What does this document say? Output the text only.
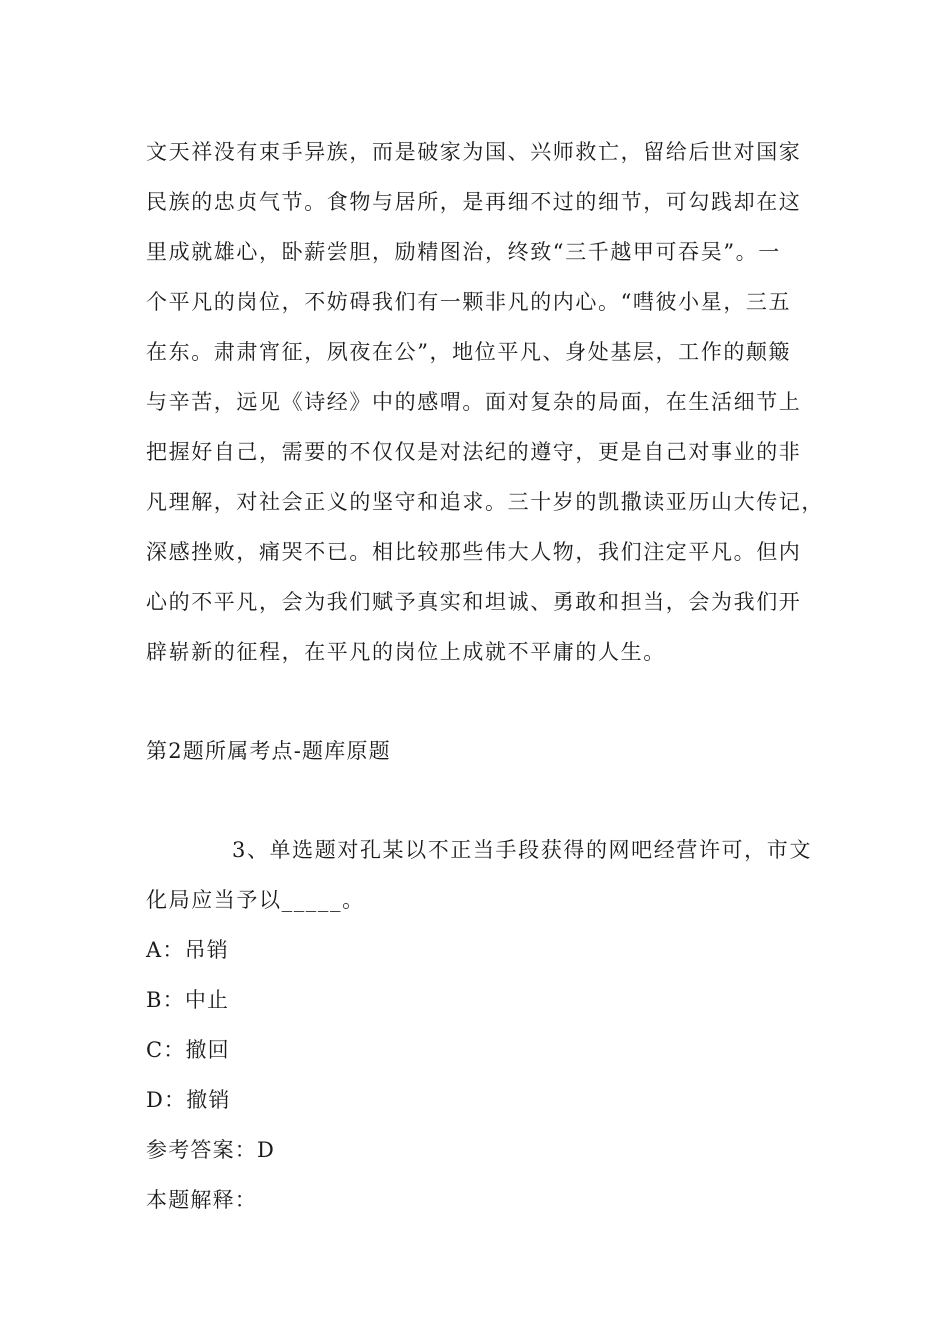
文天祥没有束手异族，而是破家为国、兴师救亡，留给后世对国家
民族的忠贞气节。食物与居所，是再细不过的细节，可勾践却在这
里成就雄心，卧薪尝胆，励精图治，终致“三千越甲可吞吴”。一
个平凡的岗位，不妨碍我们有一颗非凡的内心。“嘒彼小星，三五
在东。肃肃宵征，夙夜在公”，地位平凡、身处基层，工作的颠簸
与辛苦，远见《诗经》中的感喟。面对复杂的局面，在生活细节上
把握好自己，需要的不仅仅是对法纪的遵守，更是自己对事业的非
凡理解，对社会正义的坚守和追求。三十岁的凯撒读亚历山大传记，
深感挫败，痛哭不已。相比较那些伟大人物，我们注定平凡。但内
心的不平凡，会为我们赋予真实和坦诚、勇敢和担当，会为我们开
辟崭新的征程，在平凡的岗位上成就不平庸的人生。
第2题所属考点-题库原题
3、单选题对孔某以不正当手段获得的网吧经营许可，市文
化局应当予以_____。
A：吊销
B：中止
C：撤回
D：撤销
参考答案：D
本题解释：
